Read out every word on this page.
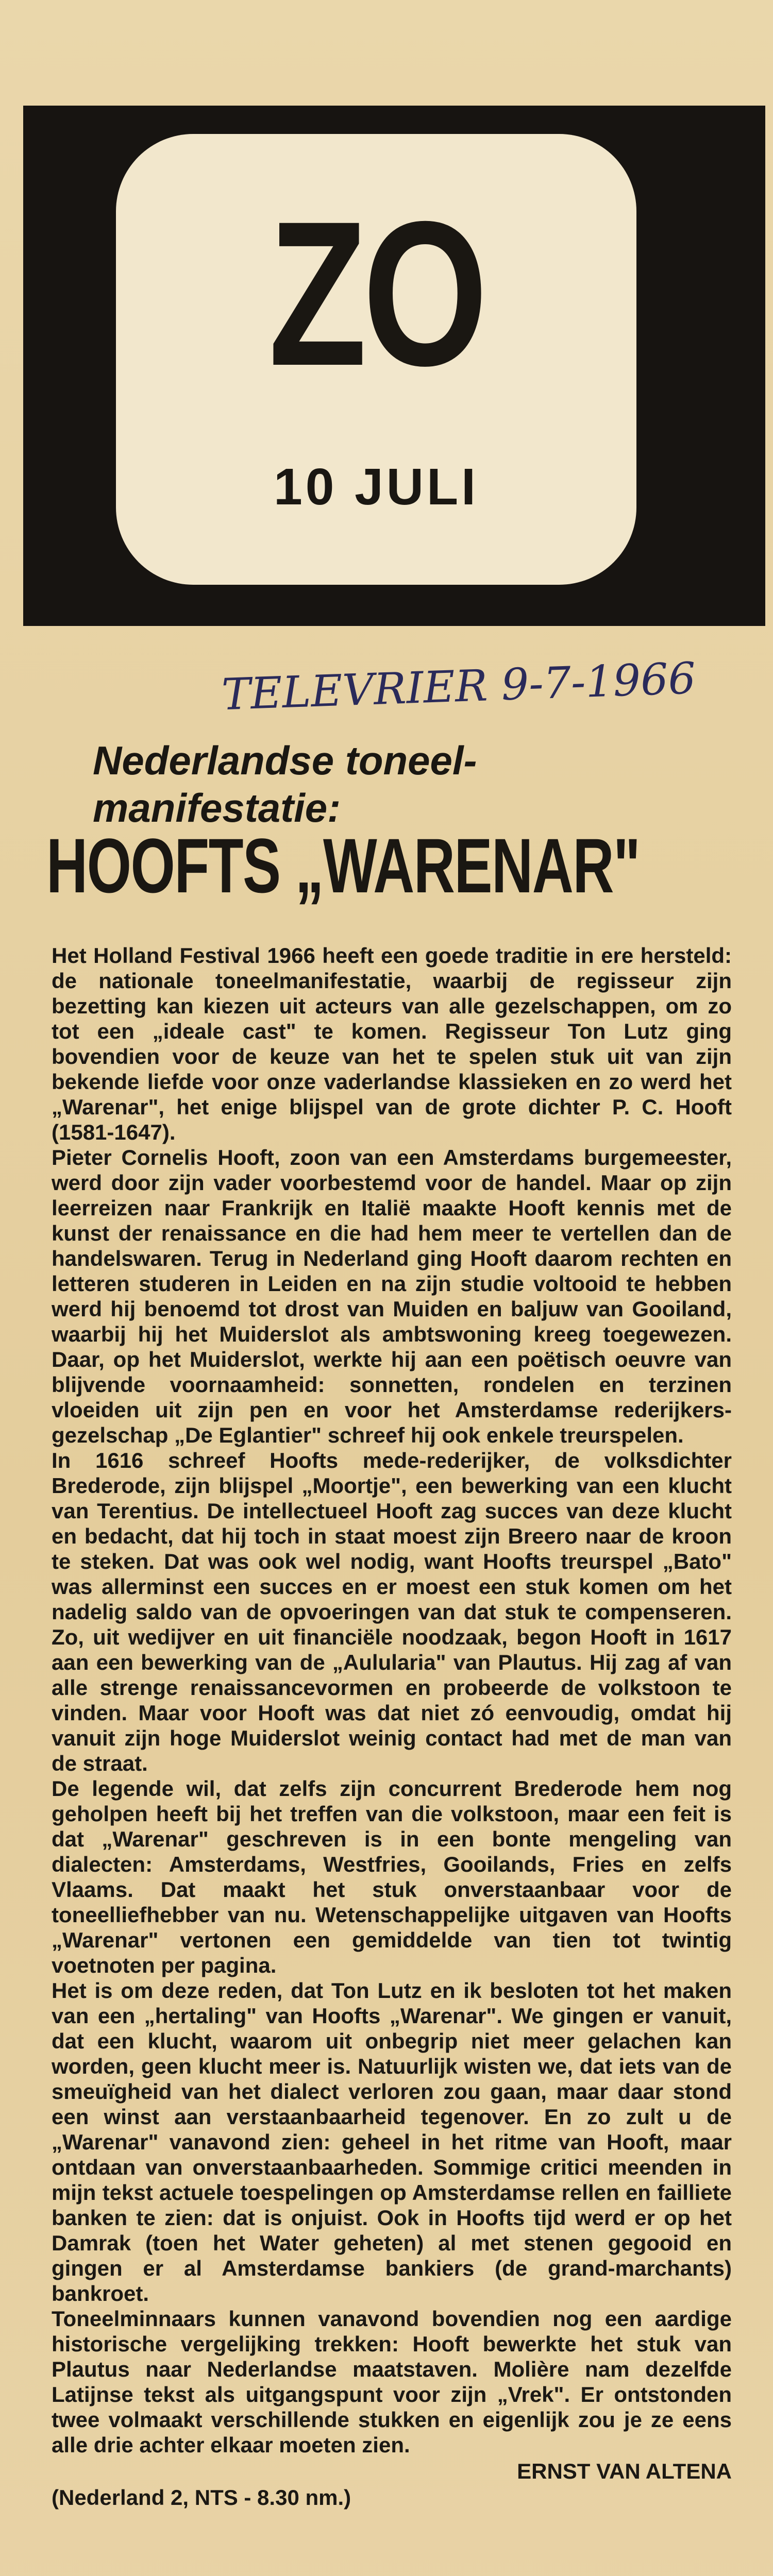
ZO
10 JULI
TELEVRIER 9-7-1966
Nederlandse toneel-
manifestatie:
HOOFTS „WARENAR"

Het Holland Festival 1966 heeft een goede traditie in ere hersteld: de nationale toneelmanifestatie, waarbij de regisseur zijn bezetting kan kiezen uit acteurs van alle gezelschappen, om zo tot een „ideale cast" te komen. Regisseur Ton Lutz ging bovendien voor de keuze van het te spelen stuk uit van zijn bekende liefde voor onze vaderlandse klassieken en zo werd het „Warenar", het enige blijspel van de grote dichter P. C. Hooft (1581-1647).

Pieter Cornelis Hooft, zoon van een Amsterdams burgemeester, werd door zijn vader voorbestemd voor de handel. Maar op zijn leerreizen naar Frankrijk en Italië maakte Hooft kennis met de kunst der renaissance en die had hem meer te vertellen dan de handelswaren. Terug in Nederland ging Hooft daarom rechten en letteren studeren in Leiden en na zijn studie voltooid te hebben werd hij benoemd tot drost van Muiden en baljuw van Gooiland, waarbij hij het Muiderslot als ambtswoning kreeg toegewezen. Daar, op het Muiderslot, werkte hij aan een poëtisch oeuvre van blijvende voornaamheid: sonnetten, rondelen en terzinen vloeiden uit zijn pen en voor het Amsterdamse rederijkers-gezelschap „De Eglantier" schreef hij ook enkele treurspelen.

In 1616 schreef Hoofts mede-rederijker, de volksdichter Brederode, zijn blijspel „Moortje", een bewerking van een klucht van Terentius. De intellectueel Hooft zag succes van deze klucht en bedacht, dat hij toch in staat moest zijn Breero naar de kroon te steken. Dat was ook wel nodig, want Hoofts treurspel „Bato" was allerminst een succes en er moest een stuk komen om het nadelig saldo van de opvoeringen van dat stuk te compenseren. Zo, uit wedijver en uit financiële noodzaak, begon Hooft in 1617 aan een bewerking van de „Aulularia" van Plautus. Hij zag af van alle strenge renaissancevormen en probeerde de volkstoon te vinden. Maar voor Hooft was dat niet zó eenvoudig, omdat hij vanuit zijn hoge Muiderslot weinig contact had met de man van de straat.

De legende wil, dat zelfs zijn concurrent Brederode hem nog geholpen heeft bij het treffen van die volkstoon, maar een feit is dat „Warenar" geschreven is in een bonte mengeling van dialecten: Amsterdams, Westfries, Gooilands, Fries en zelfs Vlaams. Dat maakt het stuk onverstaanbaar voor de toneelliefhebber van nu. Wetenschappelijke uitgaven van Hoofts „Warenar" vertonen een gemiddelde van tien tot twintig voetnoten per pagina.

Het is om deze reden, dat Ton Lutz en ik besloten tot het maken van een „hertaling" van Hoofts „Warenar". We gingen er vanuit, dat een klucht, waarom uit onbegrip niet meer gelachen kan worden, geen klucht meer is. Natuurlijk wisten we, dat iets van de smeuïgheid van het dialect verloren zou gaan, maar daar stond een winst aan verstaanbaarheid tegenover. En zo zult u de „Warenar" vanavond zien: geheel in het ritme van Hooft, maar ontdaan van onverstaanbaarheden. Sommige critici meenden in mijn tekst actuele toespelingen op Amsterdamse rellen en failliete banken te zien: dat is onjuist. Ook in Hoofts tijd werd er op het Damrak (toen het Water geheten) al met stenen gegooid en gingen er al Amsterdamse bankiers (de grand-marchants) bankroet.

Toneelminnaars kunnen vanavond bovendien nog een aardige historische vergelijking trekken: Hooft bewerkte het stuk van Plautus naar Nederlandse maatstaven. Molière nam dezelfde Latijnse tekst als uitgangspunt voor zijn „Vrek". Er ontstonden twee volmaakt verschillende stukken en eigenlijk zou je ze eens alle drie achter elkaar moeten zien.

ERNST VAN ALTENA
(Nederland 2, NTS - 8.30 nm.)
